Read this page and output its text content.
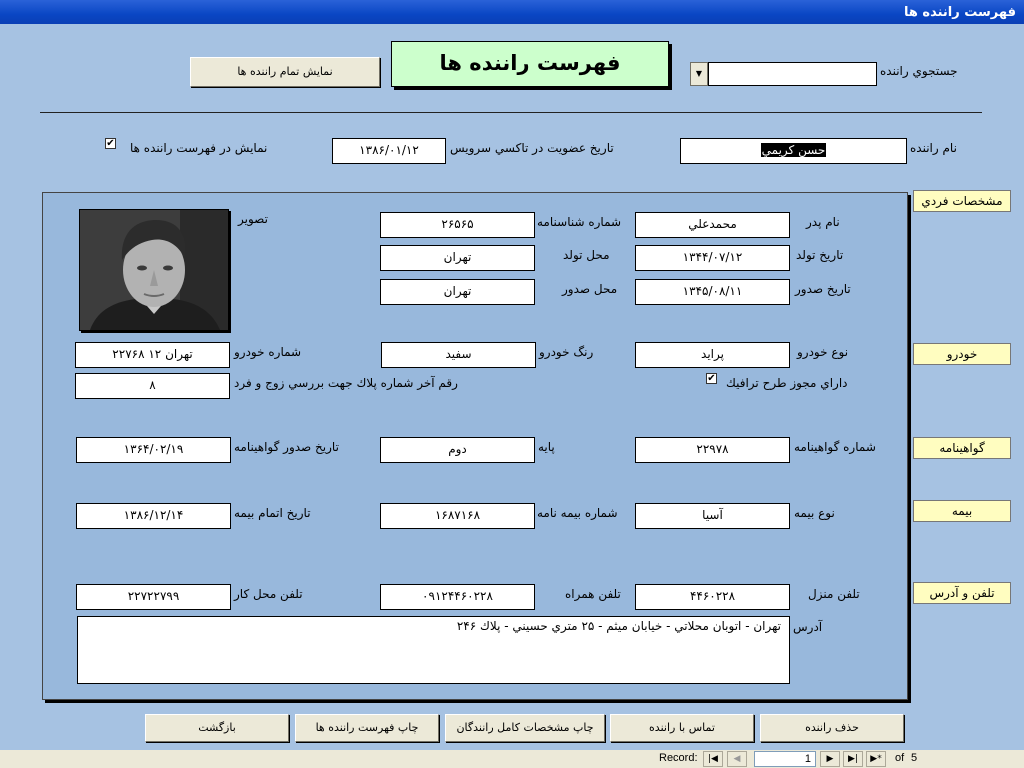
فهرست راننده ها
نمايش تمام راننده ها	فهرست راننده ها	▼	جستجوي راننده
✔ نمايش در فهرست راننده ها	۱۳۸۶/۰۱/۱۲	تاريخ عضويت در تاكسي سرويس	حسن كريمي	نام راننده
مشخصات فردي
خودرو
گواهينامه
بيمه
تلفن و آدرس
تصوير	۲۶۵۶۵	شماره شناسنامه	محمدعلي	نام پدر
تهران	محل تولد	۱۳۴۴/۰۷/۱۲	تاريخ تولد
تهران	محل صدور	۱۳۴۵/۰۸/۱۱	تاريخ صدور
تهران ۱۲ ۲۲۷۶۸	شماره خودرو	سفيد	رنگ خودرو	پرايد	نوع خودرو
۸	رقم آخر شماره پلاك جهت بررسي زوج و فرد	✔ داراي مجوز طرح ترافيك
۱۳۶۴/۰۲/۱۹	تاريخ صدور گواهينامه	دوم	پايه	۲۲۹۷۸	شماره گواهينامه
۱۳۸۶/۱۲/۱۴	تاريخ اتمام بيمه	۱۶۸۷۱۶۸	شماره بيمه نامه	آسيا	نوع بيمه
۲۲۷۲۲۷۹۹	تلفن محل كار	۰۹۱۲۴۴۶۰۲۲۸	تلفن همراه	۴۴۶۰۲۲۸	تلفن منزل
تهران - اتوبان محلاتي - خيابان ميثم - ۲۵ متري حسيني - پلاك ۲۴۶	آدرس
بازگشت	چاپ فهرست راننده ها	چاپ مشخصات كامل رانندگان	تماس با راننده	حذف راننده
Record:	|◀	◀	1	▶	▶|	▶*	of 5
